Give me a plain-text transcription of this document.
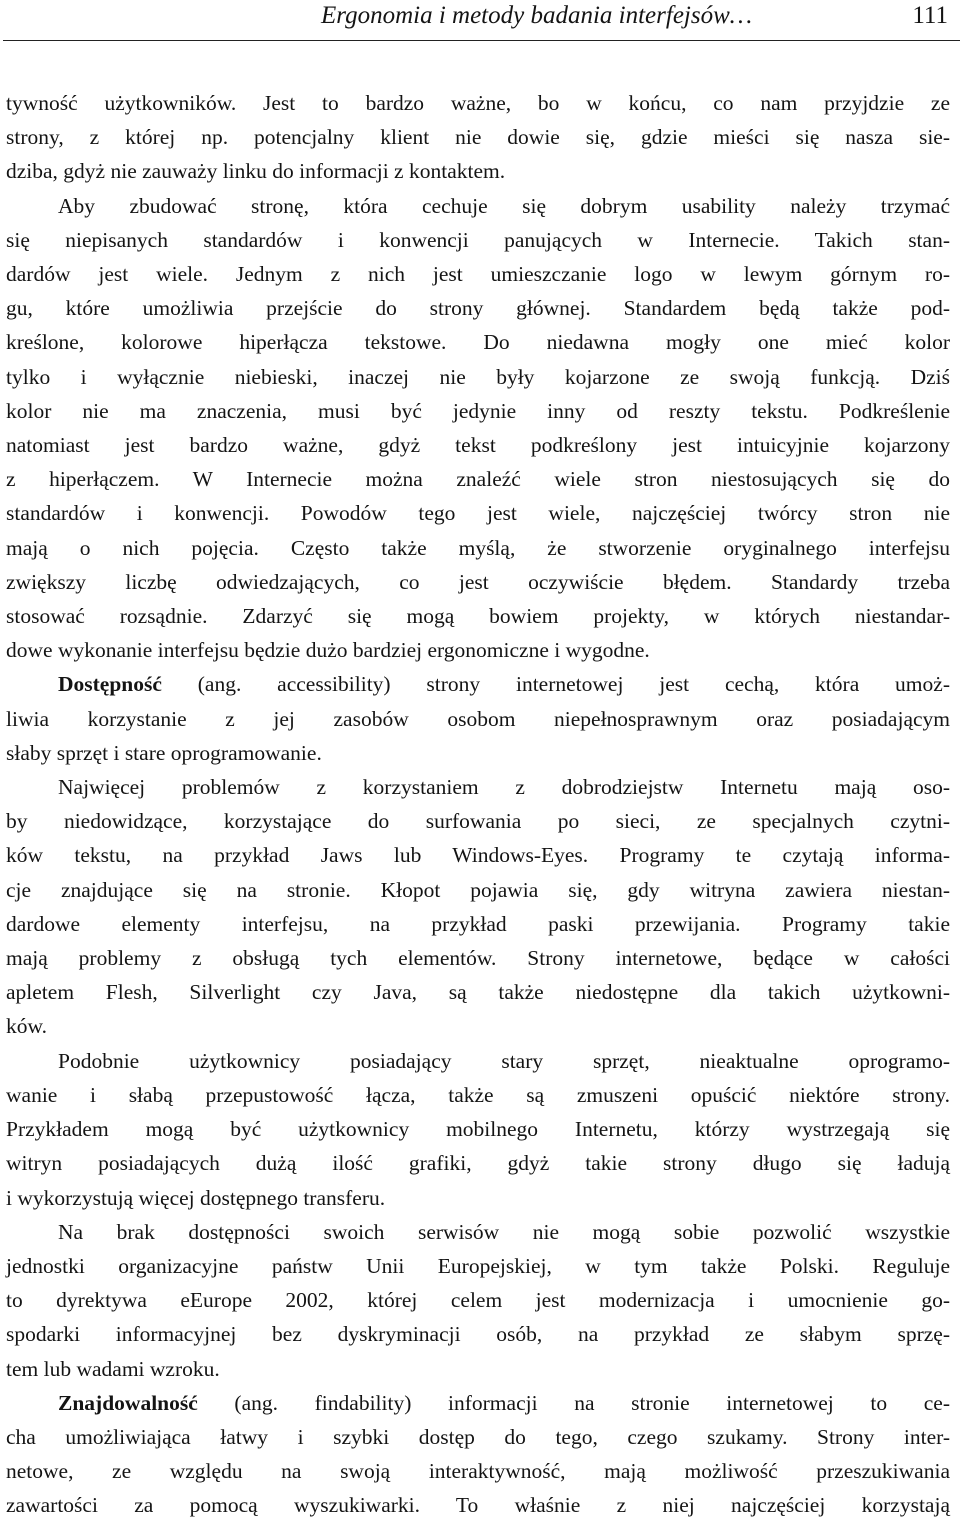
Ergonomia i metody badania interfejsów…	111
tywność użytkowników. Jest to bardzo ważne, bo w końcu, co nam przyjdzie ze
strony, z której np. potencjalny klient nie dowie się, gdzie mieści się nasza sie-
dziba, gdyż nie zauważy linku do informacji z kontaktem.
Aby zbudować stronę, która cechuje się dobrym usability należy trzymać
się niepisanych standardów i konwencji panujących w Internecie. Takich stan-
dardów jest wiele. Jednym z nich jest umieszczanie logo w lewym górnym ro-
gu, które umożliwia przejście do strony głównej. Standardem będą także pod-
kreślone, kolorowe hiperłącza tekstowe. Do niedawna mogły one mieć kolor
tylko i wyłącznie niebieski, inaczej nie były kojarzone ze swoją funkcją. Dziś
kolor nie ma znaczenia, musi być jedynie inny od reszty tekstu. Podkreślenie
natomiast jest bardzo ważne, gdyż tekst podkreślony jest intuicyjnie kojarzony
z hiperłączem. W Internecie można znaleźć wiele stron niestosujących się do
standardów i konwencji. Powodów tego jest wiele, najczęściej twórcy stron nie
mają o nich pojęcia. Często także myślą, że stworzenie oryginalnego interfejsu
zwiększy liczbę odwiedzających, co jest oczywiście błędem. Standardy trzeba
stosować rozsądnie. Zdarzyć się mogą bowiem projekty, w których niestandar-
dowe wykonanie interfejsu będzie dużo bardziej ergonomiczne i wygodne.
Dostępność (ang. accessibility) strony internetowej jest cechą, która umoż-
liwia korzystanie z jej zasobów osobom niepełnosprawnym oraz posiadającym
słaby sprzęt i stare oprogramowanie.
Najwięcej problemów z korzystaniem z dobrodziejstw Internetu mają oso-
by niedowidzące, korzystające do surfowania po sieci, ze specjalnych czytni-
ków tekstu, na przykład Jaws lub Windows-Eyes. Programy te czytają informa-
cje znajdujące się na stronie. Kłopot pojawia się, gdy witryna zawiera niestan-
dardowe elementy interfejsu, na przykład paski przewijania. Programy takie
mają problemy z obsługą tych elementów. Strony internetowe, będące w całości
apletem Flesh, Silverlight czy Java, są także niedostępne dla takich użytkowni-
ków.
Podobnie użytkownicy posiadający stary sprzęt, nieaktualne oprogramo-
wanie i słabą przepustowość łącza, także są zmuszeni opuścić niektóre strony.
Przykładem mogą być użytkownicy mobilnego Internetu, którzy wystrzegają się
witryn posiadających dużą ilość grafiki, gdyż takie strony długo się ładują
i wykorzystują więcej dostępnego transferu.
Na brak dostępności swoich serwisów nie mogą sobie pozwolić wszystkie
jednostki organizacyjne państw Unii Europejskiej, w tym także Polski. Reguluje
to dyrektywa eEurope 2002, której celem jest modernizacja i umocnienie go-
spodarki informacyjnej bez dyskryminacji osób, na przykład ze słabym sprzę-
tem lub wadami wzroku.
Znajdowalność (ang. findability) informacji na stronie internetowej to ce-
cha umożliwiająca łatwy i szybki dostęp do tego, czego szukamy. Strony inter-
netowe, ze względu na swoją interaktywność, mają możliwość przeszukiwania
zawartości za pomocą wyszukiwarki. To właśnie z niej najczęściej korzystają
